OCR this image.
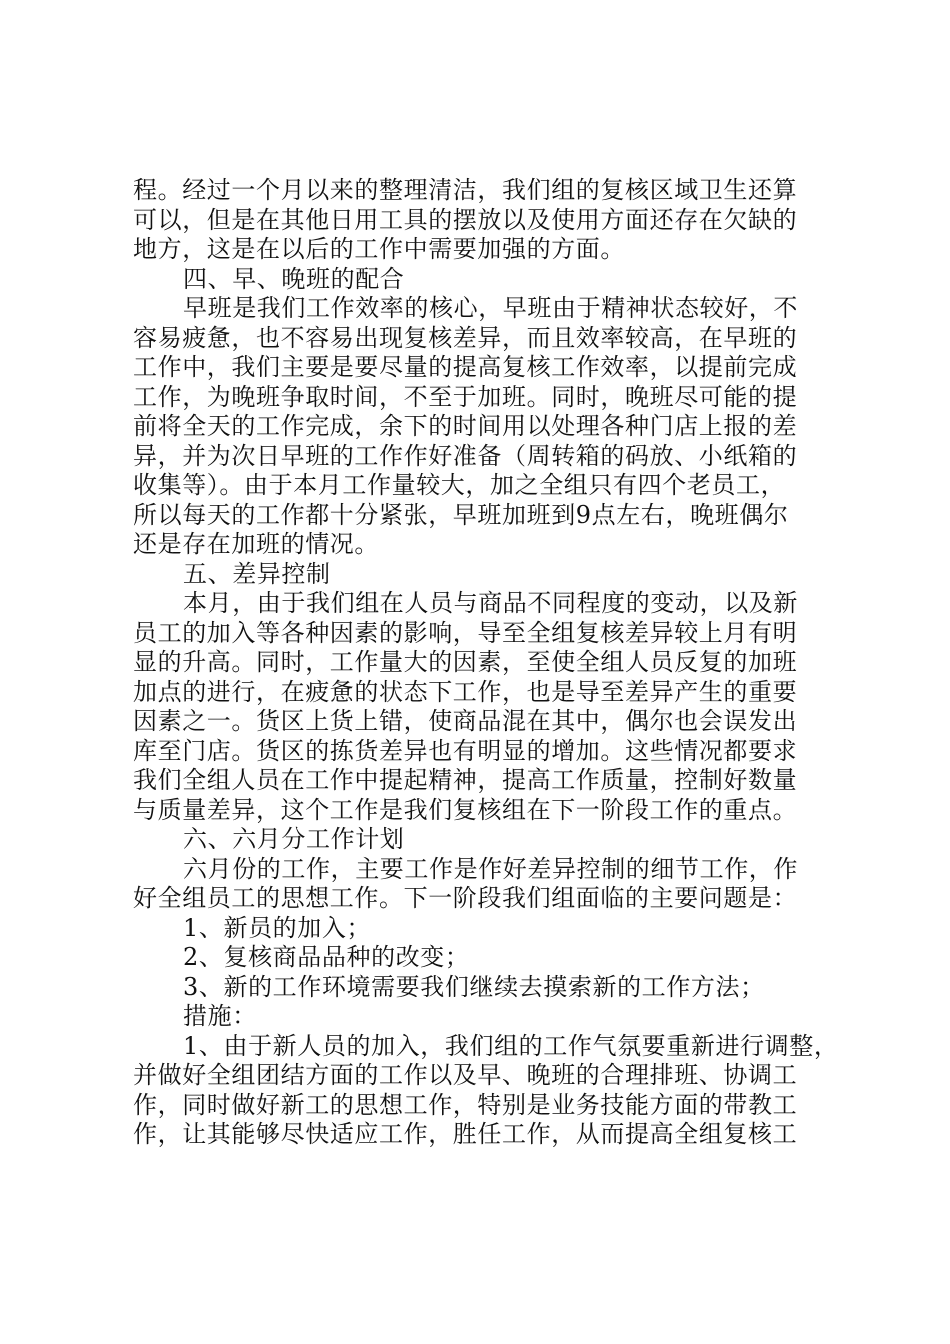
程。经过一个月以来的整理清洁，我们组的复核区域卫生还算
可以，但是在其他日用工具的摆放以及使用方面还存在欠缺的
地方，这是在以后的工作中需要加强的方面。
四、早、晚班的配合
早班是我们工作效率的核心，早班由于精神状态较好，不
容易疲惫，也不容易出现复核差异，而且效率较高，在早班的
工作中，我们主要是要尽量的提高复核工作效率，以提前完成
工作，为晚班争取时间，不至于加班。同时，晚班尽可能的提
前将全天的工作完成，余下的时间用以处理各种门店上报的差
异，并为次日早班的工作作好准备（周转箱的码放、小纸箱的
收集等）。由于本月工作量较大，加之全组只有四个老员工，
所以每天的工作都十分紧张，早班加班到9点左右，晚班偶尔
还是存在加班的情况。
五、差异控制
本月，由于我们组在人员与商品不同程度的变动，以及新
员工的加入等各种因素的影响，导至全组复核差异较上月有明
显的升高。同时，工作量大的因素，至使全组人员反复的加班
加点的进行，在疲惫的状态下工作，也是导至差异产生的重要
因素之一。货区上货上错，使商品混在其中，偶尔也会误发出
库至门店。货区的拣货差异也有明显的增加。这些情况都要求
我们全组人员在工作中提起精神，提高工作质量，控制好数量
与质量差异，这个工作是我们复核组在下一阶段工作的重点。
六、六月分工作计划
六月份的工作，主要工作是作好差异控制的细节工作，作
好全组员工的思想工作。下一阶段我们组面临的主要问题是：
1、新员的加入；
2、复核商品品种的改变；
3、新的工作环境需要我们继续去摸索新的工作方法；
措施：
1、由于新人员的加入，我们组的工作气氛要重新进行调整，
并做好全组团结方面的工作以及早、晚班的合理排班、协调工
作，同时做好新工的思想工作，特别是业务技能方面的带教工
作，让其能够尽快适应工作，胜任工作，从而提高全组复核工
